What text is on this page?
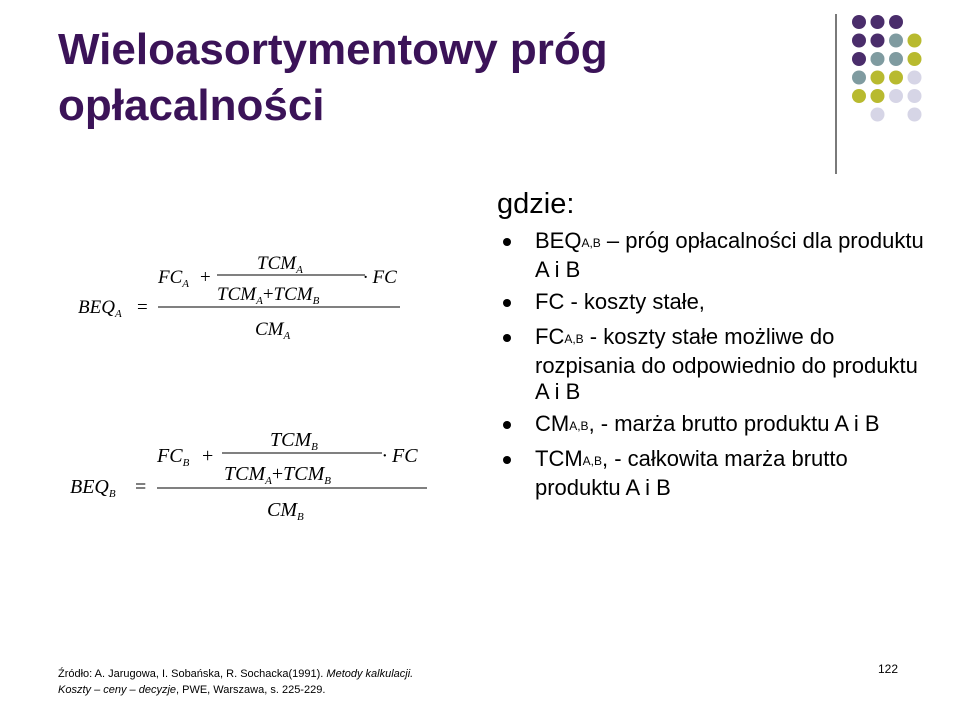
Wieloasortymentowy próg opłacalności
gdzie:
$BEQ_{A,B}$ – próg opłacalności dla produktu A i B
FC - koszty stałe,
$FC_{A,B}$ - koszty stałe możliwe do rozpisania do odpowiednio do produktu A i B
$CM_{A,B}$, - marża brutto produktu A i B
$TCM_{A,B}$, - całkowita marża brutto produktu A i B
$BEQ_A$ =
$FC_A$ +
$TCM_A$
$TCM_A+TCM_B$
· FC
$CM_A$
$BEQ_B$ =
$FC_B$ +
$TCM_B$
$TCM_A+TCM_B$
· FC
$CM_B$
Źródło: A. Jarugowa, I. Sobańska, R. Sochacka(1991). Metody kalkulacji. Koszty – ceny – decyzje, PWE, Warszawa, s. 225-229.
122
